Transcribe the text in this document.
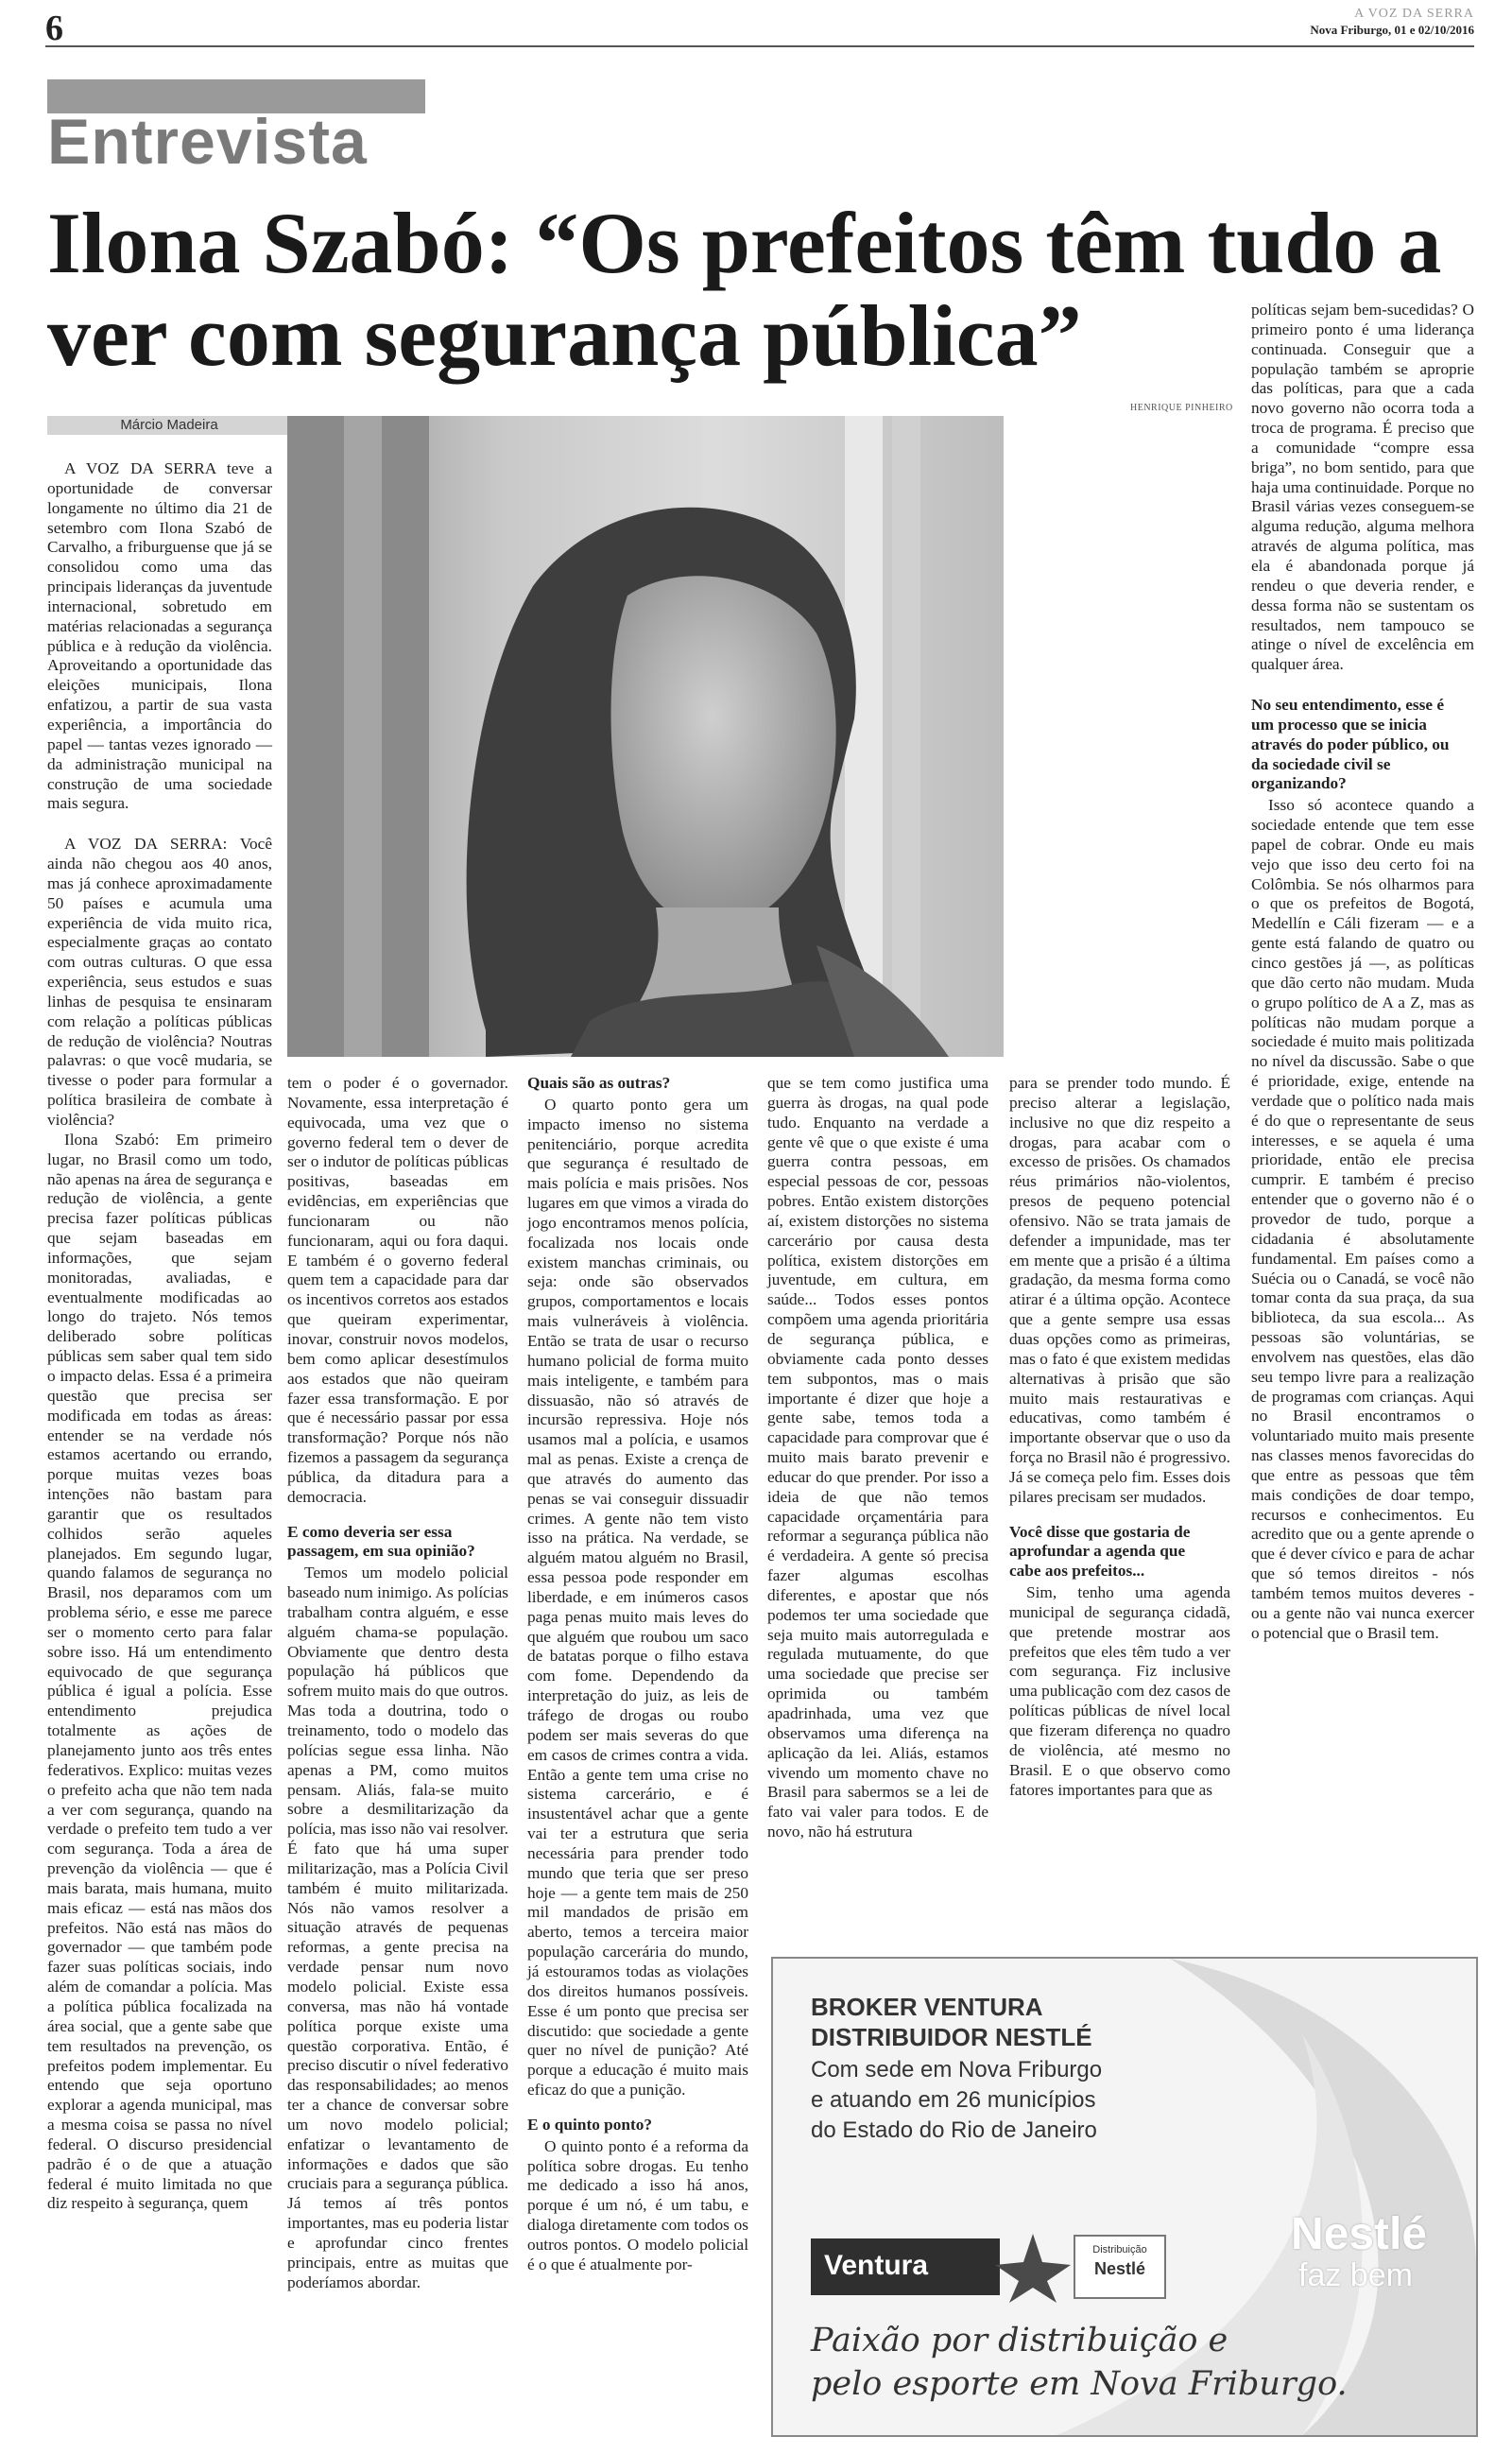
6	A VOZ DA SERRA
Nova Friburgo, 01 e 02/10/2016
Entrevista
Ilona Szabó: “Os prefeitos têm tudo a ver com segurança pública”
Márcio Madeira
HENRIQUE PINHEIRO

A VOZ DA SERRA teve a oportunidade de conversar longamente no último dia 21 de setembro com Ilona Szabó de Carvalho, a friburguense que já se consolidou como uma das principais lideranças da juventude internacional, sobretudo em matérias relacionadas a segurança pública e à redução da violência. Aproveitando a oportunidade das eleições municipais, Ilona enfatizou, a partir de sua vasta experiência, a importância do papel — tantas vezes ignorado — da administração municipal na construção de uma sociedade mais segura.

A VOZ DA SERRA: Você ainda não chegou aos 40 anos, mas já conhece aproximadamente 50 países e acumula uma experiência de vida muito rica, especialmente graças ao contato com outras culturas. O que essa experiência, seus estudos e suas linhas de pesquisa te ensinaram com relação a políticas públicas de redução de violência? Noutras palavras: o que você mudaria, se tivesse o poder para formular a política brasileira de combate à violência?

Ilona Szabó: Em primeiro lugar, no Brasil como um todo, não apenas na área de segurança e redução de violência, a gente precisa fazer políticas públicas que sejam baseadas em informações, que sejam monitoradas, avaliadas, e eventualmente modificadas ao longo do trajeto. Nós temos deliberado sobre políticas públicas sem saber qual tem sido o impacto delas. Essa é a primeira questão que precisa ser modificada em todas as áreas: entender se na verdade nós estamos acertando ou errando, porque muitas vezes boas intenções não bastam para garantir que os resultados colhidos serão aqueles planejados. Em segundo lugar, quando falamos de segurança no Brasil, nos deparamos com um problema sério, e esse me parece ser o momento certo para falar sobre isso. Há um entendimento equivocado de que segurança pública é igual a polícia. Esse entendimento prejudica totalmente as ações de planejamento junto aos três entes federativos. Explico: muitas vezes o prefeito acha que não tem nada a ver com segurança, quando na verdade o prefeito tem tudo a ver com segurança. Toda a área de prevenção da violência — que é mais barata, mais humana, muito mais eficaz — está nas mãos dos prefeitos. Não está nas mãos do governador — que também pode fazer suas políticas sociais, indo além de comandar a polícia. Mas a política pública focalizada na área social, que a gente sabe que tem resultados na prevenção, os prefeitos podem implementar. Eu entendo que seja oportuno explorar a agenda municipal, mas a mesma coisa se passa no nível federal. O discurso presidencial padrão é o de que a atuação federal é muito limitada no que diz respeito à segurança, quem

tem o poder é o governador. Novamente, essa interpretação é equivocada, uma vez que o governo federal tem o dever de ser o indutor de políticas públicas positivas, baseadas em evidências, em experiências que funcionaram ou não funcionaram, aqui ou fora daqui. E também é o governo federal quem tem a capacidade para dar os incentivos corretos aos estados que queiram experimentar, inovar, construir novos modelos, bem como aplicar desestímulos aos estados que não queiram fazer essa transformação. E por que é necessário passar por essa transformação? Porque nós não fizemos a passagem da segurança pública, da ditadura para a democracia.

E como deveria ser essa passagem, em sua opinião?

Temos um modelo policial baseado num inimigo. As polícias trabalham contra alguém, e esse alguém chama-se população. Obviamente que dentro desta população há públicos que sofrem muito mais do que outros. Mas toda a doutrina, todo o treinamento, todo o modelo das polícias segue essa linha. Não apenas a PM, como muitos pensam. Aliás, fala-se muito sobre a desmilitarização da polícia, mas isso não vai resolver. É fato que há uma super militarização, mas a Polícia Civil também é muito militarizada. Nós não vamos resolver a situação através de pequenas reformas, a gente precisa na verdade pensar num novo modelo policial. Existe essa conversa, mas não há vontade política porque existe uma questão corporativa. Então, é preciso discutir o nível federativo das responsabilidades; ao menos ter a chance de conversar sobre um novo modelo policial; enfatizar o levantamento de informações e dados que são cruciais para a segurança pública. Já temos aí três pontos importantes, mas eu poderia listar e aprofundar cinco frentes principais, entre as muitas que poderíamos abordar.

Quais são as outras?

O quarto ponto gera um impacto imenso no sistema penitenciário, porque acredita que segurança é resultado de mais polícia e mais prisões. Nos lugares em que vimos a virada do jogo encontramos menos polícia, focalizada nos locais onde existem manchas criminais, ou seja: onde são observados grupos, comportamentos e locais mais vulneráveis à violência. Então se trata de usar o recurso humano policial de forma muito mais inteligente, e também para dissuasão, não só através de incursão repressiva. Hoje nós usamos mal a polícia, e usamos mal as penas. Existe a crença de que através do aumento das penas se vai conseguir dissuadir crimes. A gente não tem visto isso na prática. Na verdade, se alguém matou alguém no Brasil, essa pessoa pode responder em liberdade, e em inúmeros casos paga penas muito mais leves do que alguém que roubou um saco de batatas porque o filho estava com fome. Dependendo da interpretação do juiz, as leis de tráfego de drogas ou roubo podem ser mais severas do que em casos de crimes contra a vida. Então a gente tem uma crise no sistema carcerário, e é insustentável achar que a gente vai ter a estrutura que seria necessária para prender todo mundo que teria que ser preso hoje — a gente tem mais de 250 mil mandados de prisão em aberto, temos a terceira maior população carcerária do mundo, já estouramos todas as violações dos direitos humanos possíveis. Esse é um ponto que precisa ser discutido: que sociedade a gente quer no nível de punição? Até porque a educação é muito mais eficaz do que a punição.

E o quinto ponto?

O quinto ponto é a reforma da política sobre drogas. Eu tenho me dedicado a isso há anos, porque é um nó, é um tabu, e dialoga diretamente com todos os outros pontos. O modelo policial é o que é atualmente por-

que se tem como justifica uma guerra às drogas, na qual pode tudo. Enquanto na verdade a gente vê que o que existe é uma guerra contra pessoas, em especial pessoas de cor, pessoas pobres. Então existem distorções aí, existem distorções no sistema carcerário por causa desta política, existem distorções em juventude, em cultura, em saúde... Todos esses pontos compõem uma agenda prioritária de segurança pública, e obviamente cada ponto desses tem subpontos, mas o mais importante é dizer que hoje a gente sabe, temos toda a capacidade para comprovar que é muito mais barato prevenir e educar do que prender. Por isso a ideia de que não temos capacidade orçamentária para reformar a segurança pública não é verdadeira. A gente só precisa fazer algumas escolhas diferentes, e apostar que nós podemos ter uma sociedade que seja muito mais autorregulada e regulada mutuamente, do que uma sociedade que precise ser oprimida ou também apadrinhada, uma vez que observamos uma diferença na aplicação da lei. Aliás, estamos vivendo um momento chave no Brasil para sabermos se a lei de fato vai valer para todos. E de novo, não há estrutura

para se prender todo mundo. É preciso alterar a legislação, inclusive no que diz respeito a drogas, para acabar com o excesso de prisões. Os chamados réus primários não-violentos, presos de pequeno potencial ofensivo. Não se trata jamais de defender a impunidade, mas ter em mente que a prisão é a última gradação, da mesma forma como atirar é a última opção. Acontece que a gente sempre usa essas duas opções como as primeiras, mas o fato é que existem medidas alternativas à prisão que são muito mais restaurativas e educativas, como também é importante observar que o uso da força no Brasil não é progressivo. Já se começa pelo fim. Esses dois pilares precisam ser mudados.

Você disse que gostaria de aprofundar a agenda que cabe aos prefeitos...

Sim, tenho uma agenda municipal de segurança cidadã, que pretende mostrar aos prefeitos que eles têm tudo a ver com segurança. Fiz inclusive uma publicação com dez casos de políticas públicas de nível local que fizeram diferença no quadro de violência, até mesmo no Brasil. E o que observo como fatores importantes para que as

políticas sejam bem-sucedidas? O primeiro ponto é uma liderança continuada. Conseguir que a população também se aproprie das políticas, para que a cada novo governo não ocorra toda a troca de programa. É preciso que a comunidade “compre essa briga”, no bom sentido, para que haja uma continuidade. Porque no Brasil várias vezes conseguem-se alguma redução, alguma melhora através de alguma política, mas ela é abandonada porque já rendeu o que deveria render, e dessa forma não se sustentam os resultados, nem tampouco se atinge o nível de excelência em qualquer área.

No seu entendimento, esse é um processo que se inicia através do poder público, ou da sociedade civil se organizando?

Isso só acontece quando a sociedade entende que tem esse papel de cobrar. Onde eu mais vejo que isso deu certo foi na Colômbia. Se nós olharmos para o que os prefeitos de Bogotá, Medellín e Cáli fizeram — e a gente está falando de quatro ou cinco gestões já —, as políticas que dão certo não mudam. Muda o grupo político de A a Z, mas as políticas não mudam porque a sociedade é muito mais politizada no nível da discussão. Sabe o que é prioridade, exige, entende na verdade que o político nada mais é do que o representante de seus interesses, e se aquela é uma prioridade, então ele precisa cumprir. E também é preciso entender que o governo não é o provedor de tudo, porque a cidadania é absolutamente fundamental. Em países como a Suécia ou o Canadá, se você não tomar conta da sua praça, da sua biblioteca, da sua escola... As pessoas são voluntárias, se envolvem nas questões, elas dão seu tempo livre para a realização de programas com crianças. Aqui no Brasil encontramos o voluntariado muito mais presente nas classes menos favorecidas do que entre as pessoas que têm mais condições de doar tempo, recursos e conhecimentos. Eu acredito que ou a gente aprende o que é dever cívico e para de achar que só temos direitos - nós também temos muitos deveres - ou a gente não vai nunca exercer o potencial que o Brasil tem.

BROKER VENTURA
DISTRIBUIDOR NESTLÉ
Com sede em Nova Friburgo
e atuando em 26 municípios
do Estado do Rio de Janeiro
Ventura	Distribuição
Nestlé
Nestlé
faz bem
Paixão por distribuição e
pelo esporte em Nova Friburgo.
